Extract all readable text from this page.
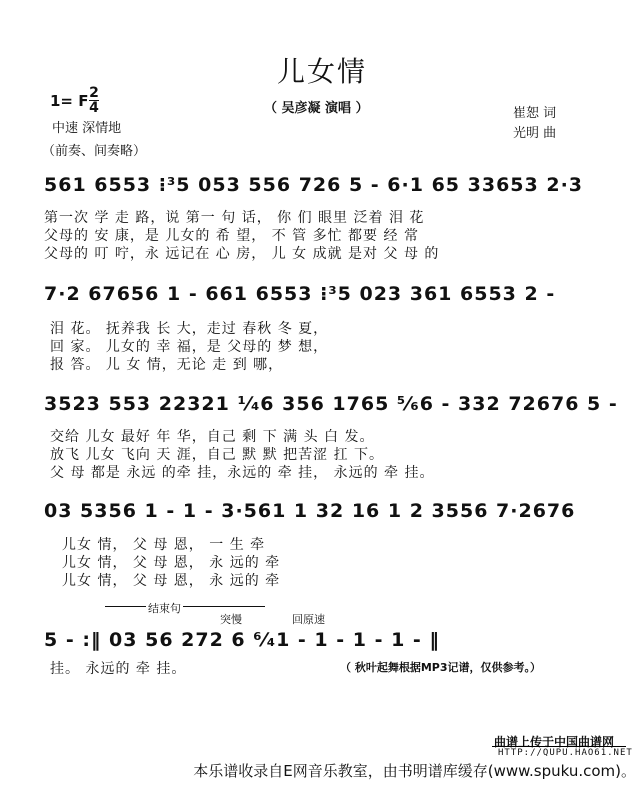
儿女情
（ 吴彦凝 演唱 ）
1= F 2
4
中速 深情地
（前奏、间奏略）
崔恕 词
光明 曲
561 6553 ⁝³5 053 556 726 5 - 6·1 65 33653 2·3
第一次 学 走 路，说 第一 句 话， 你 们 眼里 泛着 泪 花
父母的 安 康，是 儿女的 希 望， 不 管 多忙 都要 经 常
父母的 叮 咛，永 远记在 心 房， 儿 女 成就 是对 父 母 的
7·2 67656 1 - 661 6553 ⁝³5 023 361 6553 2 -
泪 花。 抚养我 长 大，走过 春秋 冬 夏，
回 家。 儿女的 幸 福，是 父母的 梦 想，
报 答。 儿 女 情，无论 走 到 哪，
3523 553 22321 ¹⁄₄6 356 1765 ⁵⁄₆6 - 332 72676 5 -
交给 儿女 最好 年 华，自己 剩 下 满 头 白 发。
放飞 儿女 飞向 天 涯，自己 默 默 把苦涩 扛 下。
父 母 都是 永远 的牵 挂，永远的 牵 挂， 永远的 牵 挂。
03 5356 1 - 1 - 3·561 1 32 16 1 2 3556 7·2676
儿女 情， 父 母 恩， 一 生 牵
儿女 情， 父 母 恩， 永 远的 牵
儿女 情， 父 母 恩， 永 远的 牵
结束句
突慢	回原速
5 - :‖ 03 56 272 6 ⁶⁄₄1 - 1 - 1 - 1 - ‖
挂。 永远的 牵 挂。	（ 秋叶起舞根据MP3记谱，仅供参考。）
曲谱上传于中国曲谱网
HTTP://QUPU.HAO61.NET
本乐谱收录自E网音乐教室，由书明谱库缓存(www.spuku.com)。
